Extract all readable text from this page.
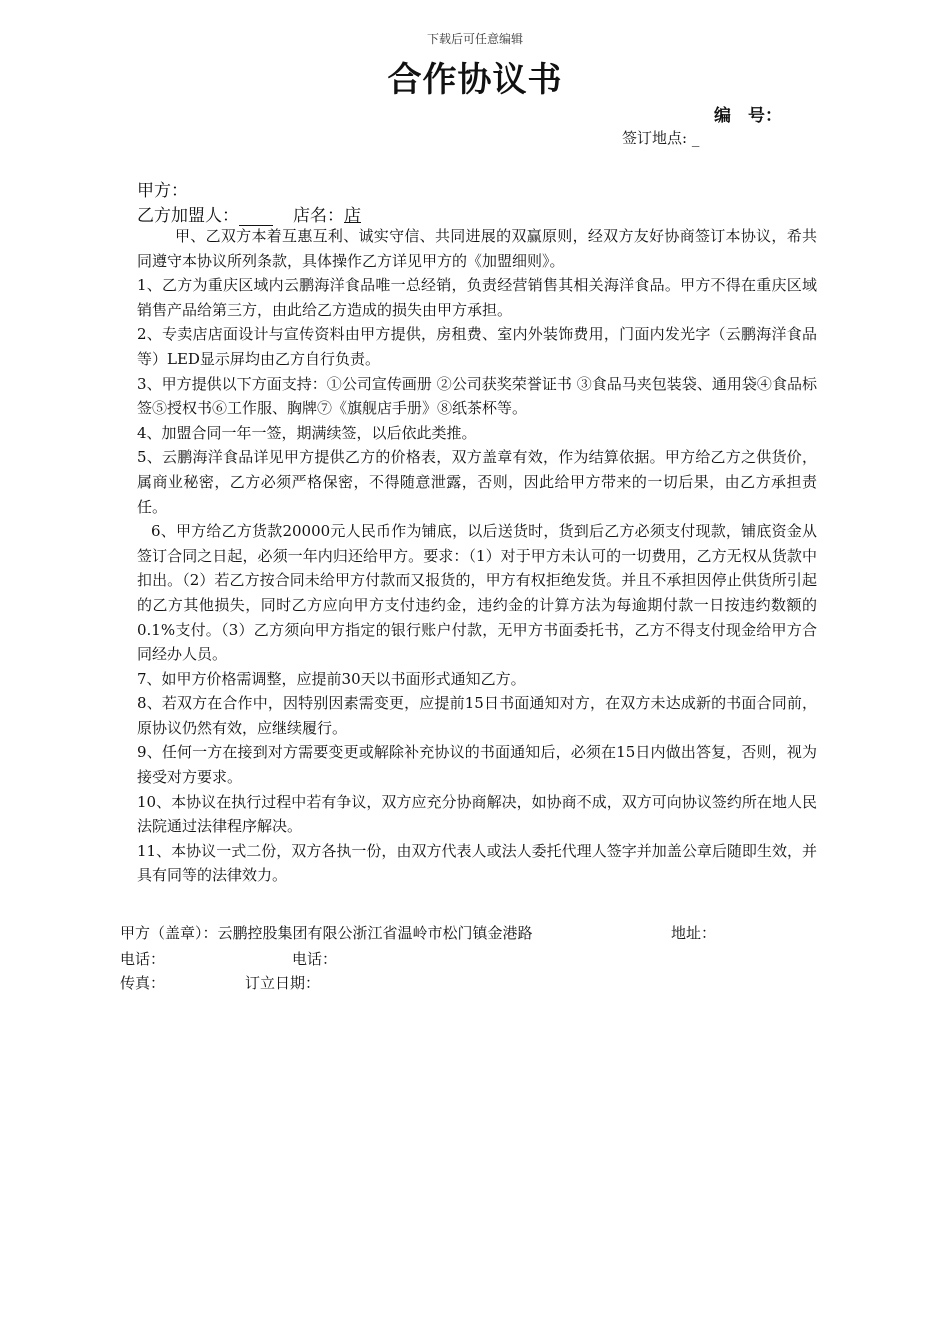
下载后可任意编辑
合作协议书
编　号：
签订地点: _
甲方：
乙方加盟人：	店名：店

甲、乙双方本着互惠互利、诚实守信、共同进展的双赢原则，经双方友好协商签订本协议，希共同遵守本协议所列条款，具体操作乙方详见甲方的《加盟细则》。

1、乙方为重庆区域内云鹏海洋食品唯一总经销，负责经营销售其相关海洋食品。甲方不得在重庆区域销售产品给第三方，由此给乙方造成的损失由甲方承担。

2、专卖店店面设计与宣传资料由甲方提供，房租费、室内外装饰费用，门面内发光字（云鹏海洋食品等）LED显示屏均由乙方自行负责。

3、甲方提供以下方面支持：①公司宣传画册 ②公司获奖荣誉证书 ③食品马夹包装袋、通用袋④食品标签⑤授权书⑥工作服、胸牌⑦《旗舰店手册》⑧纸茶杯等。

4、加盟合同一年一签，期满续签，以后依此类推。

5、云鹏海洋食品详见甲方提供乙方的价格表，双方盖章有效，作为结算依据。甲方给乙方之供货价，属商业秘密，乙方必须严格保密，不得随意泄露，否则，因此给甲方带来的一切后果，由乙方承担责任。

6、甲方给乙方货款20000元人民币作为铺底，以后送货时，货到后乙方必须支付现款，铺底资金从签订合同之日起，必须一年内归还给甲方。要求：（1）对于甲方未认可的一切费用，乙方无权从货款中扣出。（2）若乙方按合同未给甲方付款而又报货的，甲方有权拒绝发货。并且不承担因停止供货所引起的乙方其他损失，同时乙方应向甲方支付违约金，违约金的计算方法为每逾期付款一日按违约数额的0.1%支付。（3）乙方须向甲方指定的银行账户付款，无甲方书面委托书，乙方不得支付现金给甲方合同经办人员。

7、如甲方价格需调整，应提前30天以书面形式通知乙方。

8、若双方在合作中，因特别因素需变更，应提前15日书面通知对方，在双方未达成新的书面合同前，原协议仍然有效，应继续履行。

9、任何一方在接到对方需要变更或解除补充协议的书面通知后，必须在15日内做出答复，否则，视为接受对方要求。

10、本协议在执行过程中若有争议，双方应充分协商解决，如协商不成，双方可向协议签约所在地人民法院通过法律程序解决。

11、本协议一式二份，双方各执一份，由双方代表人或法人委托代理人签字并加盖公章后随即生效，并具有同等的法律效力。

甲方（盖章）：云鹏控股集团有限公浙江省温岭市松门镇金港路	地址：
电话：	电话：
传真：	订立日期：
